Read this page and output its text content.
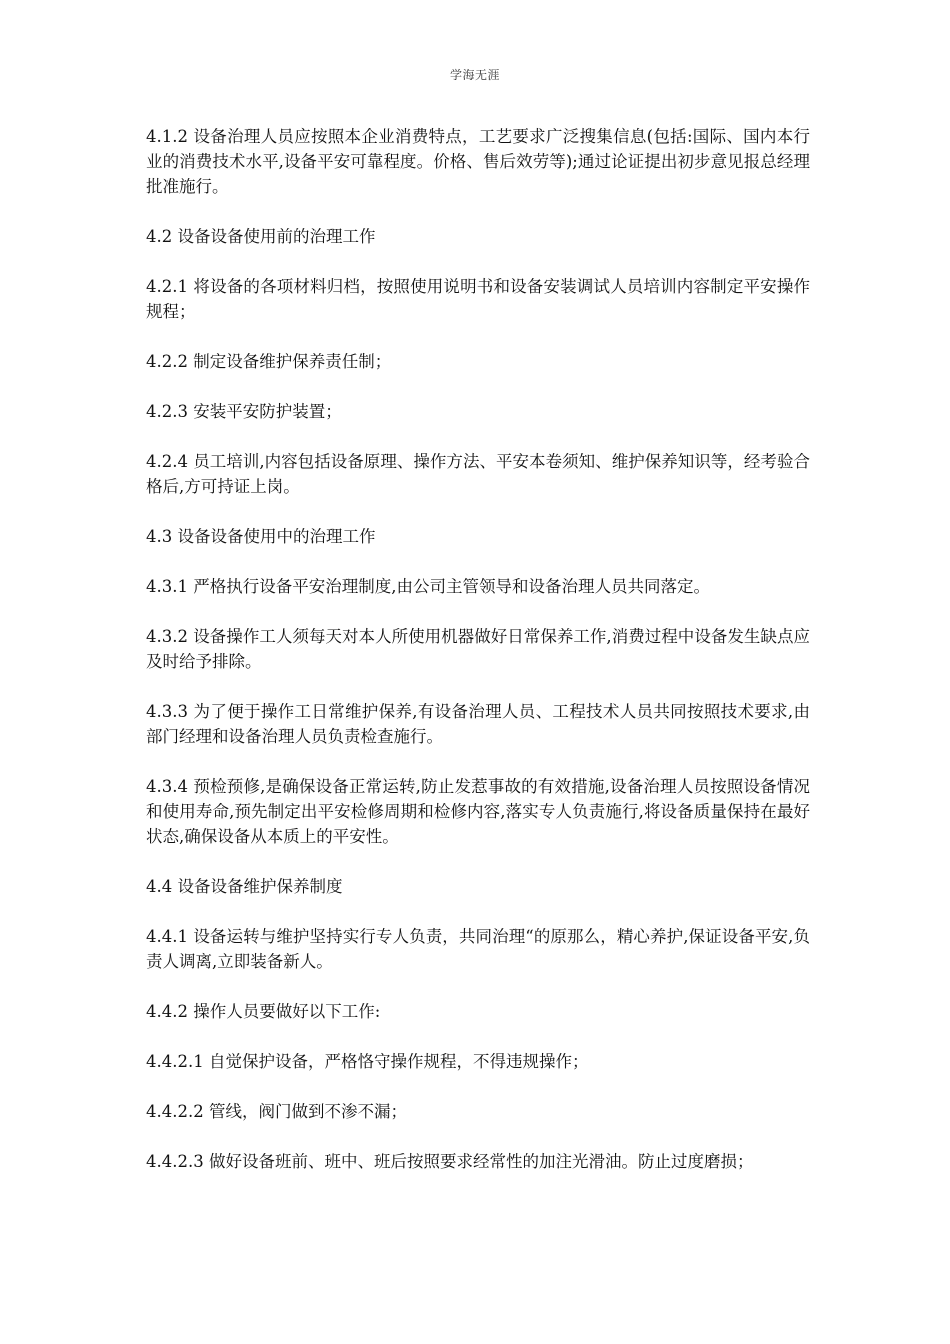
学海无涯

4.1.2 设备治理人员应按照本企业消费特点，工艺要求广泛搜集信息(包括:国际、国内本行业的消费技术水平,设备平安可靠程度。价格、售后效劳等);通过论证提出初步意见报总经理批准施行。

4.2 设备设备使用前的治理工作

4.2.1 将设备的各项材料归档，按照使用说明书和设备安装调试人员培训内容制定平安操作规程；

4.2.2 制定设备维护保养责任制；

4.2.3 安装平安防护装置；

4.2.4 员工培训,内容包括设备原理、操作方法、平安本卷须知、维护保养知识等，经考验合格后,方可持证上岗。

4.3 设备设备使用中的治理工作

4.3.1 严格执行设备平安治理制度,由公司主管领导和设备治理人员共同落定。

4.3.2 设备操作工人须每天对本人所使用机器做好日常保养工作,消费过程中设备发生缺点应及时给予排除。

4.3.3 为了便于操作工日常维护保养,有设备治理人员、工程技术人员共同按照技术要求,由部门经理和设备治理人员负责检查施行。

4.3.4 预检预修,是确保设备正常运转,防止发惹事故的有效措施,设备治理人员按照设备情况和使用寿命,预先制定出平安检修周期和检修内容,落实专人负责施行,将设备质量保持在最好状态,确保设备从本质上的平安性。

4.4 设备设备维护保养制度

4.4.1 设备运转与维护坚持实行专人负责，共同治理“的原那么，精心养护,保证设备平安,负责人调离,立即装备新人。

4.4.2 操作人员要做好以下工作:

4.4.2.1 自觉保护设备，严格恪守操作规程，不得违规操作；

4.4.2.2 管线，阀门做到不渗不漏；

4.4.2.3 做好设备班前、班中、班后按照要求经常性的加注光滑油。防止过度磨损；
